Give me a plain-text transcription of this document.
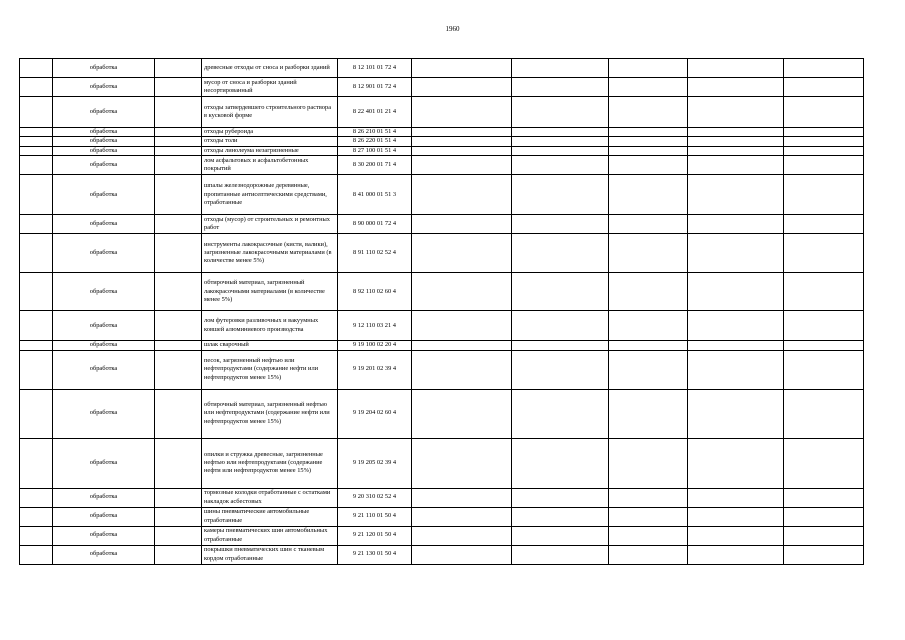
1960
	обработка		древесные отходы от сноса и разборки зданий	8 12 101 01 72 4					
	обработка		мусор от сноса и разборки зданий несортированный	8 12 901 01 72 4					
	обработка		отходы затвердевшего строительного раствора в кусковой форме	8 22 401 01 21 4					
	обработка		отходы рубероида	8 26 210 01 51 4					
	обработка		отходы толи	8 26 220 01 51 4					
	обработка		отходы линолеума незагрязненные	8 27 100 01 51 4					
	обработка		лом асфальтовых и асфальтобетонных покрытий	8 30 200 01 71 4					
	обработка		шпалы железнодорожные деревянные, пропитанные антисептическими средствами, отработанные	8 41 000 01 51 3					
	обработка		отходы (мусор) от строительных и ремонтных работ	8 90 000 01 72 4					
	обработка		инструменты лакокрасочные (кисти, валики), загрязненные лакокрасочными материалами (в количестве менее 5%)	8 91 110 02 52 4					
	обработка		обтирочный материал, загрязненный лакокрасочными материалами (в количестве менее 5%)	8 92 110 02 60 4					
	обработка		лом футеровки разливочных и вакуумных ковшей алюминиевого производства	9 12 110 03 21 4					
	обработка		шлак сварочный	9 19 100 02 20 4					
	обработка		песок, загрязненный нефтью или нефтепродуктами (содержание нефти или нефтепродуктов менее 15%)	9 19 201 02 39 4					
	обработка		обтирочный материал, загрязненный нефтью или нефтепродуктами (содержание нефти или нефтепродуктов менее 15%)	9 19 204 02 60 4					
	обработка		опилки и стружка древесные, загрязненные нефтью или нефтепродуктами (содержание нефти или нефтепродуктов менее 15%)	9 19 205 02 39 4					
	обработка		тормозные колодки отработанные с остатками накладок асбестовых	9 20 310 02 52 4					
	обработка		шины пневматические автомобильные отработанные	9 21 110 01 50 4					
	обработка		камеры пневматических шин автомобильных отработанные	9 21 120 01 50 4					
	обработка		покрышки пневматических шин с тканевым кордом отработанные	9 21 130 01 50 4					
